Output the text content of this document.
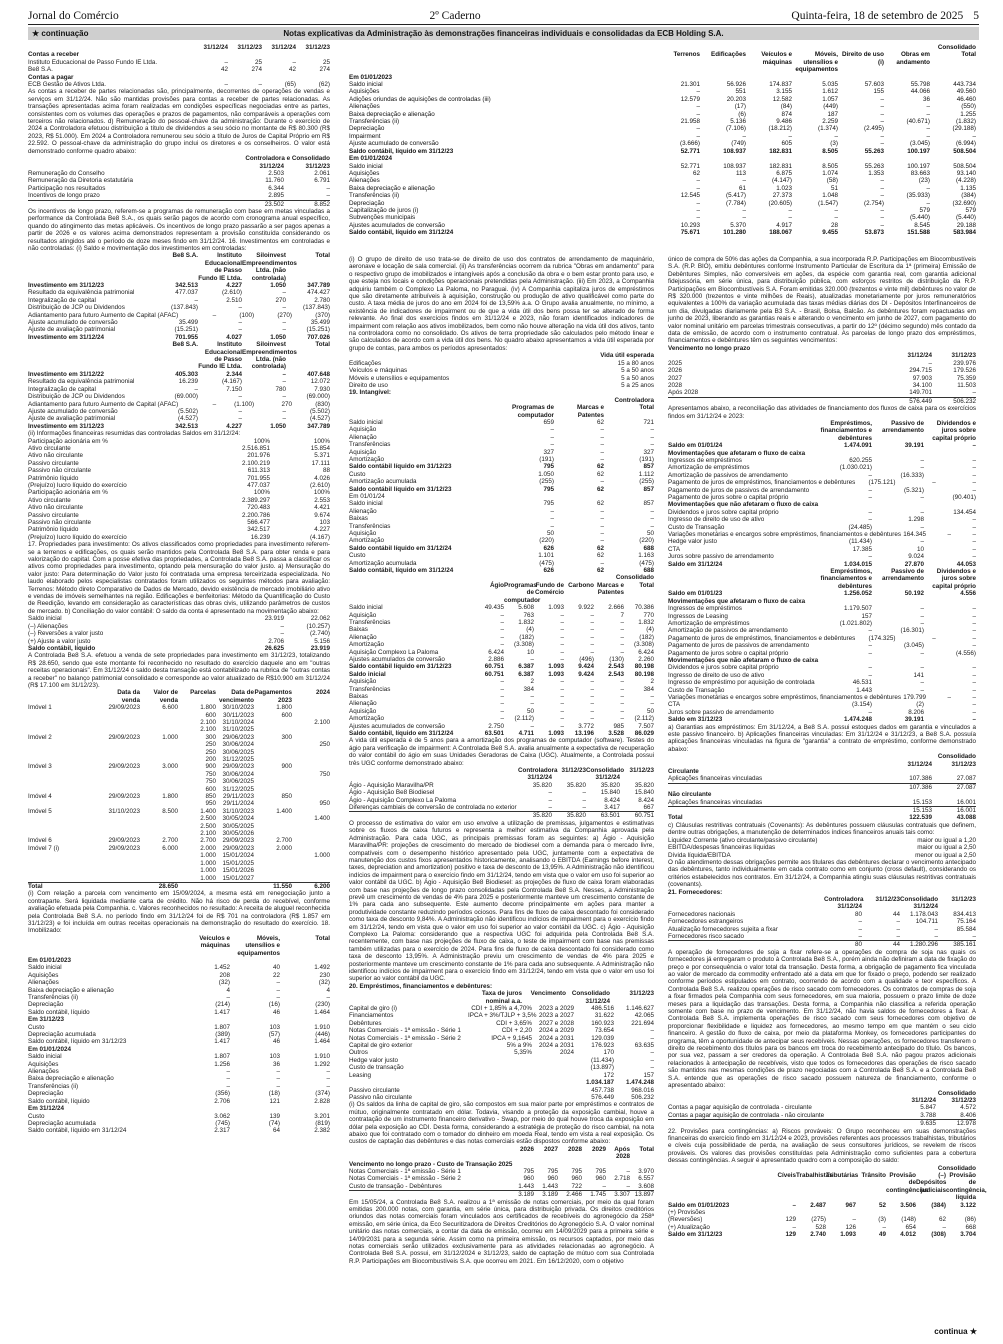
Jornal do Comércio	2º Caderno	Quinta-feira, 18 de setembro de 2025 5
★ continuação	Notas explicativas da Administração às demonstrações financeiras individuais e consolidadas da ECB Holding S.A.
31/12/24	31/12/23	31/12/24	31/12/23
Contas a receber
Instituto Educacional de Passo Fundo IE Ltda.	–	25	–	25
Be8 S.A.	42	274	42	274
Contas a pagar
ECB Gestão de Ativos Ltda.	–	–	(65)	(62)

As contas a receber de partes relacionadas são, principalmente, decorrentes de operações de vendas e serviços em 31/12/24. Não são mantidas provisões para contas a receber de partes relacionadas. As transações apresentadas acima foram realizadas em condições específicas negociadas entre as partes, consistentes com os volumes das operações e prazos de pagamentos, não comparáveis a operações com terceiros não relacionados. d) Remuneração do pessoal-chave da administração: Durante o exercício de 2024 a Controladora efetuou distribuição a título de dividendos a seu sócio no montante de R$ 80.300 (R$ 2023, R$ 51.000). Em 2024 a Controladora remunerou seu sócio a título de Juros de Capital Próprio em R$ 22.592. O pessoal-chave da administração do grupo inclui os diretores e os conselheiros. O valor está demonstrado conforme quadro abaixo:

Controladora e Consolidado
31/12/24	31/12/23
Remuneração do Conselho	2.503	2.061
Remuneração da Diretoria estatutária	11.760	6.791
Participação nos resultados	6.344	–
Incentivos de longo prazo	2.895	–
23.502	8.852

Os incentivos de longo prazo, referem-se a programas de remuneração com base em metas vinculadas a performance da Controlada Be8 S.A., os quais serão pagos de acordo com cronograma anual específico, quando do atingimento das metas aplicáveis. Os incentivos de longo prazo passarão a ser pagos apenas a partir de 2026 e os valores acima demonstrados representam a provisão constituída considerando os resultados atingidos até o período de doze meses findo em 31/12/24. 16. Investimentos em controladas e não controladas: (i) Saldo e movimentação dos investimentos em controladas:

Be8 S.A.	Instituto Educacional de Passo Fundo IE Ltda.
Siloinvest Empreendimentos Ltda. (não controlada)
Total
Investimento em 31/12/23	342.513	4.227	1.050	347.789
Resultado da equivalência patrimonial	477.037	(2.610)	–	474.427
Integralização de capital	–	2.510	270	2.780
Distribuição de JCP ou Dividendos	(137.843)	–	–	(137.843)
Adiantamento para futuro Aumento de Capital (AFAC)	–	(100)	(270)	(370)
Ajuste acumulado de conversão	35.499	–	–	35.499
Ajuste de avaliação patrimonial	(15.251)	–	–	(15.251)
Investimento em 31/12/24	701.955	4.027	1.050	707.026
Be8 S.A.	Instituto Educacional de Passo Fundo IE Ltda.
Siloinvest Empreendimentos Ltda. (não controlada)
Total
Investimento em 31/12/22	405.303	2.344	–	407.648
Resultado da equivalência patrimonial	16.239	(4.167)	–	12.072
Integralização de capital	–	7.150	780	7.930
Distribuição de JCP ou Dividendos	(69.000)	–	–	(69.000)
Adiantamento para futuro Aumento de Capital (AFAC)	–	(1.100)	270	(830)
Ajuste acumulado de conversão	(5.502)	–	–	(5.502)
Ajuste de avaliação patrimonial	(4.527)	–	–	(4.527)
Investimento em 31/12/23	342.513	4.227	1.050	347.789

(ii) Informações financeiras resumidas das controladas Saldos em 31/12/24:

Participação acionária em %	100%	100%
Ativo circulante	2.516.851	15.854
Ativo não circulante	201.976	5.371
Passivo circulante	2.100.219	17.111
Passivo não circulante	611.313	88
Patrimônio líquido	701.955	4.026
(Prejuízo) lucro líquido do exercício	477.037	(2.610)
Participação acionária em %	100%	100%
Ativo circulante	2.389.297	2.553
Ativo não circulante	720.483	4.421
Passivo circulante	2.200.786	9.674
Passivo não circulante	566.477	103
Patrimônio líquido	342.517	4.227
(Prejuízo) lucro líquido do exercício	16.239	(4.167)

17. Propriedades para investimento: Os ativos classificados como propriedades para investimento referem-se a terrenos e edificações, os quais serão mantidos pela Controlada Be8 S.A. para obter renda e para valorização do capital. Com a posse efetiva das propriedades, a Controlada Be8 S.A. passa a classificar os ativos como propriedades para investimento, optando pela mensuração do valor justo. a) Mensuração do valor justo: Para determinação do Valor justo foi contratada uma empresa terceirizada especializada. No laudo elaborado pelos especialistas contratados foram utilizados os seguintes métodos para avaliação: Terrenos: Método direto Comparativo de Dados de Mercado, devido existência de mercado imobiliário ativo e vendas de imóveis semelhantes na região. Edificações e benfeitorias: Método da Quantificação do Custo de Reedição, levando em consideração as características das obras civis, utilizando parâmetros de custos de mercado. b) Conciliação do valor contábil: O saldo da conta é apresentado na movimentação abaixo:

Saldo inicial	23.919	22.062
(–) Alienações	–	(10.257)
(–) Reversões a valor justo	–	(2.740)
(+) Ajuste a valor justo	2.706	5.156
Saldo contábil, líquido	26.625	23.919

A Controlada Be8 S.A. efetuou a venda de sete propriedades para investimento em 31/12/23, totalizando R$ 28.650, sendo que este montante foi reconhecido no resultado do exercício daquele ano em "outras receitas operacionais". Em 31/12/24 o saldo desta transação está contabilizado na rubrica de "outras contas a receber" no balanço patrimonial consolidado e corresponde ao valor atualizado de R$10.900 em 31/12/24 (R$ 17.100 em 31/12/23).

Data da venda
Valor de venda
Parcelas	Data de vencimento
Pagamentos 2023
2024
Imóvel 1	29/09/2023	6.600	1.800	30/10/2023	1.800
600	30/11/2023	600
2.100	31/10/2024	2.100
2.100	31/10/2025
Imóvel 2	29/09/2023	1.000	300	29/06/2023	300
250	30/06/2024	250
250	30/06/2025
200	31/12/2025
Imóvel 3	29/09/2023	3.000	900	29/09/2023	900
750	30/06/2024	750
750	30/06/2025
600	31/12/2025
Imóvel 4	29/09/2023	1.800	850	29/11/2023	850
950	29/11/2024	950
Imóvel 5	31/10/2023	8.500	1.400	31/10/2023	1.400
2.500	30/05/2024	1.400
2.500	30/05/2025
2.100	30/05/2026
Imóvel 6	29/09/2023	2.700	2.700	29/09/2023	2.700
Imóvel 7 (i)	29/09/2023	6.000	2.000	29/09/2023	2.000
1.000	15/01/2024	1.000
1.000	15/01/2025
1.000	15/01/2026
1.000	15/01/2027
Total	28.650	11.550	6.200

(i) Com relação a parcela com vencimento em 15/09/2024, a mesma está em renegociação junto a contraparte. Será liquidada mediante carta de crédito. Não há risco de perda do recebível, conforme avaliação efetuada pela Companhia. c. Valores reconhecidos no resultado: A receita de aluguel reconhecida pela Controlada Be8 S.A. no período findo em 31/12/24 foi de R$ 701 na controladora (R$ 1.857 em 31/12/23) e foi incluída em outras receitas operacionais na demonstração do resultado do exercício. 18. Imobilizado:

Veículos e máquinas
Móveis, utensílios e equipamentos
Total
Em 01/01/2023
Saldo inicial	1.452	40	1.492
Aquisições	208	22	230
Alienações	(32)	–	(32)
Baixa depreciação e alienação	4	–	4
Transferências (ii)	–	–	–
Depreciação	(214)	(16)	(230)
Saldo contábil, líquido	1.417	46	1.464
Em 31/12/23
Custo	1.807	103	1.910
Depreciação acumulada	(389)	(57)	(446)
Saldo contábil, líquido em 31/12/23	1.417	46	1.464
Em 01/01/2024
Saldo inicial	1.807	103	1.910
Aquisições	1.256	36	1.292
Alienações	–	–	–
Baixa depreciação e alienação	–	–	–
Transferências (ii)	–	–	–
Depreciação	(356)	(18)	(374)
Saldo contábil, líquido	2.706	121	2.828
Em 31/12/24
Custo	3.062	139	3.201
Depreciação acumulada	(745)	(74)	(819)
Saldo contábil, líquido em 31/12/24	2.317	64	2.382
Consolidado
Terrenos	Edificações	Veículos e máquinas
Móveis, utensílios e equipamentos
Direito de uso (i)
Obras em andamento
Total
Em 01/01/2023
Saldo inicial	21.301	56.926	174.837	5.035	57.603	55.798	443.734
Aquisições	–	551	3.155	1.612	155	44.066	49.560
Adições oriundas de aquisições de controladas (iii)	12.579	20.203	12.582	1.057	–	36	46.460
Alienações	–	(17)	(84)	(449)	–	–	(550)
Baixa depreciação e alienação	–	(6)	874	187	–	–	1.255
Transferências (ii)	21.958	5.136	9.486	2.259	–	(40.671)	(1.832)
Depreciação	–	(7.106)	(18.212)	(1.374)	(2.495)	–	(29.188)
Impairment	–	–	–	–	–	–	–
Ajuste acumulado de conversão	(3.666)	(749)	605	(3)	–	(3.045)	(6.994)
Saldo contábil, líquido em 31/12/23	52.771	108.937	182.831	8.505	55.263	100.197	508.504
Em 01/01/2024
Saldo inicial	52.771	108.937	182.831	8.505	55.263	100.197	508.504
Aquisições	62	113	6.875	1.074	1.353	83.663	93.140
Alienações	–	–	(4.147)	(58)	–	(23)	(4.228)
Baixa depreciação e alienação	–	61	1.023	51	–	–	1.135
Transferências (ii)	12.545	(5.417)	27.373	1.048	–	(35.933)	(384)
Depreciação	–	(7.784)	(20.605)	(1.547)	(2.754)	–	(32.690)
Capitalização de juros (i)	–	–	–	–	–	579	579
Subvenções municipais	–	–	–	–	–	(5.440)	(5.440)
Ajustes acumulados de conversão	10.293	5.370	4.917	28	–	8.545	29.188
Saldo contábil, líquido em 31/12/24	75.671	101.280	188.067	9.455	53.873	151.588	583.984

(i) O grupo de direito de uso trata-se de direito de uso dos contratos de arrendamento de maquinário, aeronave e locação de sala comercial. (ii) As transferências ocorrem da rubrica "Obras em andamento" para o respectivo grupo de imobilizados e intangíveis após a conclusão da obra e o bem estar pronto para uso, e que esteja nos locais e condições operacionais pretendidas pela Administração. (iii) Em 2023, a Companhia adquiriu também o Complexo La Paloma, no Paraguai. (iv) A Companhia capitaliza juros de empréstimos que são diretamente atribuíveis à aquisição, construção ou produção de ativo qualificável como parte do custo. A taxa média de juros do ano em 2024 foi de 13,59% a.a. O Grupo avalia anualmente, no mínimo, a existência de indicadores de impairment ou de que a vida útil dos bens possa ter se alterado de forma relevante. Ao final dos exercícios findos em 31/12/24 e 2023, não foram identificados indicadores de impairment com relação aos ativos imobilizados, bem como não houve alteração na vida útil dos ativos, tanto na controladora como no consolidado. Os ativos de terra propriedade são calculados pelo método linear e são calculados de acordo com a vida útil dos bens. No quadro abaixo apresentamos a vida útil esperada por grupo de contas, para ambos os períodos apresentados:

Vida útil esperada
Edificações	15 a 80 anos
Veículos e máquinas	5 a 50 anos
Móveis e utensílios e equipamentos	5 a 50 anos
Direito de uso	5 a 25 anos
19. Intangível:
Controladora
Programas de computador
Marcas e Patentes
Total
Saldo inicial	659	62	721
Aquisição	–	–	–
Alienação	–	–	–
Transferências	–	–	–
Aquisição	327	–	327
Amortização	(191)	–	(191)
Saldo contábil líquido em 31/12/23	795	62	857
Custo	1.050	62	1.112
Amortização acumulada	(255)	–	(255)
Saldo contábil líquido em 31/12/23	795	62	857
Em 01/01/24
Saldo inicial	795	62	857
Alienação	–	–	–
Baixas	–	–	–
Transferências	–	–	–
Aquisição	50	–	50
Amortização	(220)	–	(220)
Saldo contábil líquido em 31/12/24	626	62	688
Custo	1.101	62	1.163
Amortização acumulada	(475)	–	(475)
Saldo contábil, líquido em 31/12/24	626	62	688
Consolidado
Ágio Programas de computador
Fundo de Comércio
Carbono Marcas e Patentes
Total
Saldo inicial	49.435	5.608	1.093	9.922	2.666	70.386
Aquisição	–	763	–	–	7	770
Transferências	–	1.832	–	–	–	1.832
Baixas	–	(4)	–	–	–	(4)
Alienação	–	(182)	–	–	–	(182)
Amortização	–	(3.308)	–	–	–	(3.308)
Aquisição Complexo La Paloma	6.424	10	–	–	–	6.424
Ajustes acumulados de conversão	2.886	–	–	(496)	(130)	2.260
Saldo contábil líquido em 31/12/23	60.751	6.387	1.093	9.424	2.543	80.198
Saldo inicial	60.751	6.387	1.093	9.424	2.543	80.198
Aquisição	–	2	–	–	–	2
Transferências	–	384	–	–	–	384
Baixas	–	–	–	–	–	–
Alienação	–	–	–	–	–	–
Aquisição	–	50	–	–	–	50
Amortização	–	(2.112)	–	–	–	(2.112)
Ajustes acumulados de conversão	2.750	–	–	3.772	985	7.507
Saldo contábil, líquido em 31/12/24	63.501	4.711	1.093	13.196	3.528	86.029

A vida útil esperada é de 5 anos para a amortização dos programas de computador (software). Testes do ágio para verificação de impairment: A Controlada Be8 S.A. avalia anualmente a expectativa de recuperação do valor contábil do ágio em suas Unidades Geradoras de Caixa (UGC). Atualmente, a Controlada possui três UGC conforme demonstrado abaixo:

Controladora 31/12/24
31/12/23 Consolidado 31/12/24
31/12/23
Ágio - Aquisição Maravilha/PR	35.820	35.820	35.820	35.820
Ágio - Aquisição Be8 Biodiesel	–	–	15.840	15.840
Ágio - Aquisição Complexo La Paloma	–	–	8.424	8.424
Diferenças cambiais de conversão de controlada no exterior	–	–	3.417	667
35.820	35.820	63.501	60.751

O processo de estimativa do valor em uso envolve a utilização de premissas, julgamentos e estimativas sobre os fluxos de caixa futuros e representa a melhor estimativa da Companhia aprovada pela Administração. Para cada UGC, as principais premissas foram as seguintes: a) Ágio - Aquisição Maravilha/PR: projeções de crescimento do mercado de biodiesel com a demanda para o mercado livre, compatíveis com o desempenho histórico apresentado pela UGC, juntamente com a expectativa de manutenção dos custos fixos apresentados historicamente, analisando o EBITDA (Earnings before interest, taxes, depreciation and amortization) positivo e taxa de desconto de 13,95%. A Administração não identificou indícios de impairment para o exercício findo em 31/12/24, tendo em vista que o valor em uso foi superior ao valor contábil da UGC. b) Ágio - Aquisição Be8 Biodiesel: as projeções de fluxo de caixa foram elaboradas com base nas projeções de longo prazo consolidadas pela Controlada Be8 S.A. Nesses, a Administração prevê um crescimento de vendas de 4% para 2025 e posteriormente manteve um crescimento constante de 1% para cada ano subsequente. Este aumento decorre principalmente em ações para manter a produtividade constante reduzindo períodos ociosos. Para fins de fluxo de caixa descontado foi considerado como taxa de desconto 9,84%. A Administração não identificou indícios de impairment para o exercício findo em 31/12/24, tendo em vista que o valor em uso foi superior ao valor contábil da UGC. c) Ágio - Aquisição Complexo La Paloma: considerando que a respectiva UGC foi adquirida pela Controlada Be8 S.A. recentemente, com base nas projeções de fluxo de caixa, o teste de impairment com base nas premissas também utilizadas para o exercício de 2024. Para fins de fluxo de caixa descontado foi considerado como taxa de desconto 13,95%. A Administração previu um crescimento de vendas de 4% para 2025 e posteriormente manteve um crescimento constante de 1% para cada ano subsequente. A Administração não identificou indícios de impairment para o exercício findo em 31/12/24, tendo em vista que o valor em uso foi superior ao valor contábil da UGC.

20. Empréstimos, financiamentos e debêntures:
Taxa de juros nominal a.a.
Vencimento Consolidado 31/12/24
31/12/23
Capital de giro (i)	CDI + 1,85% a 4,70%	2023 a 2029	486.516	1.146.627
Financiamentos	IPCA + 3%/TJLP + 3,5% 2023 a 2027	31.622	42.065
Debêntures	CDI + 3,65%	2027 e 2028	160.923	221.694
Notas Comerciais - 1ª emissão - Série 1	CDI + 2,20	2024 a 2029	73.654	–
Notas Comerciais - 1ª emissão - Série 2	IPCA + 9,1645	2024 a 2031	129.039	–
Capital de giro exterior	5% a 9%	2024 a 2031	176.923	63.635
Outros	5,35%	2024	170	–
Hedge valor justo	(11.434)	–
Custo de transação	(13.897)	–
Leasing	172	157
1.034.187	1.474.248
Passivo circulante	457.738	968.016
Passivo não circulante	576.449	506.232

(i) Os saldos da linha de capital de giro, são compostos em sua maior parte por empréstimos e contratos de mútuo, originalmente contratado em dólar. Todavia, visando a proteção da exposição cambial, houve a contratação de um instrumento financeiro derivativo - Swap, por meio do qual houve troca da exposição em dólar pela exposição ao CDI. Desta forma, considerando a estratégia de proteção do risco cambial, na nota abaixo que foi contratado com o tomador do dinheiro em moeda Real, tendo em vista a real exposição. Os custos de captação das debêntures e das notas comerciais estão dispostos conforme abaixo:

2026	2027	2028	2029	Após 2028
Total
Vencimento no longo prazo - Custo de Transação 2025
Notas Comerciais - 1ª emissão - Série 1	795	795	795	795	–	3.970
Notas Comerciais - 1ª emissão - Série 2	960	960	960	960	2.718	6.557
Custo de transação - Debêntures	1.443	1.443	722	–	–	3.608
3.189	3.189	2.466	1.745	3.307 13.897

Em 15/05/24, a Controlada Be8 S.A. realizou a 1ª emissão de notas comerciais, por meio da qual foram emitidas 200.000 notas, com garantia, em série única, para distribuição privada. Os direitos creditórios oriundos das notas comerciais foram vinculados aos certificados de recebíveis do agronegócio da 258ª emissão, em série única, da Eco Securitizadora de Direitos Creditórios do Agronegócio S.A. O valor nominal unitário das notas comerciais, a contar da data de emissão, ocorreu em 14/09/2029 para a primeira série e 14/09/2031 para a segunda série. Assim como na primeira emissão, os recursos captados, por meio das notas comerciais serão utilizados exclusivamente para as atividades relacionadas ao agronegócio. A Controlada Be8 S.A. possui, em 31/12/2024 e 31/12/23, saldo de captação de mútuo com sua Controlada R.P. Participações em Biocombustíveis S.A. que ocorreu em 2021. Em 16/12/2020, com o objetivo

único de compra de 50% das ações da Companhia, a sua incorporada R.P. Participações em Biocombustíveis S.A. (R.P. BIO), emitiu debêntures conforme Instrumento Particular de Escritura da 1ª (primeira) Emissão de Debêntures Simples, não conversíveis em ações, da espécie com garantia real, com garantia adicional fidejussória, em série única, para distribuição pública, com esforços restritos de distribuição da R.P. Participações em Biocombustíveis S.A. Foram emitidas 320.000 (trezentos e vinte mil) debêntures no valor de R$ 320.000 (trezentos e vinte milhões de Reais), atualizadas monetariamente por juros remuneratórios equivalentes a 100% da variação acumulada das taxas médias diárias dos DI - Depósitos Interfinanceiros de um dia, divulgadas diariamente pela B3 S.A. - Brasil, Bolsa, Balcão. As debêntures foram repactuadas em junho de 2023, liberando as garantias reais e alterando o vencimento em junho de 2027, com pagamento do valor nominal unitário em parcelas trimestrais consecutivas, a partir do 12º (décimo segundo) mês contado da data de emissão, de acordo com o instrumento contratual. As parcelas de longo prazo dos empréstimos, financiamentos e debêntures têm os seguintes vencimentos:

Vencimento no longo prazo
31/12/24	31/12/23
2025	–	239.976
2026	294.715	179.526
2027	97.903	75.359
2028	34.100	11.503
Após 2028	149.701	–
576.449	506.232

Apresentamos abaixo, a reconciliação das atividades de financiamento dos fluxos de caixa para os exercícios findos em 31/12/24 e 2023:

Empréstimos, financiamentos e debêntures
Passivo de arrendamento
Dividendos e juros sobre capital próprio
Saldo em 01/01/24	1.474.091	39.191	–
Movimentações que afetaram o fluxo de caixa
Ingressos de empréstimos	620.255	–	–
Amortização de empréstimos	(1.030.021)	–	–
Amortização de passivos de arrendamento	–	(16.333)	–
Pagamento de juros de empréstimos, financiamentos e debêntures	(175.121)	–	–
Pagamento de juros de passivos de arrendamento	–	(5.321)	–
Pagamento de juros sobre o capital próprio	–	–	(90.401)
Movimentações que não afetaram o fluxo de caixa
Dividendos e juros sobre capital próprio	–	–	134.454
Ingresso de direito de uso de ativo	–	1.298	–
Custo de Transação	(24.485)	–	–
Variações monetárias e encargos sobre empréstimos, financiamentos e debêntures 164.345	–	–
Hedge valor justo	(11.434)	–	–
CTA	17.385	10	–
Juros sobre passivo de arrendamento	–	9.024	–
Saldo em 31/12/24	1.034.015	27.870	44.053
Empréstimos, financiamentos e debêntures
Passivo de arrendamento
Dividendos e juros sobre capital próprio
Saldo em 01/01/23	1.256.052	50.192	4.556
Movimentações que afetaram o fluxo de caixa
Ingressos de empréstimos	1.179.507	–	–
Ingressos de Leasing	157	–	–
Amortização de empréstimos	(1.021.802)	–	–
Amortização de passivos de arrendamento	–	(16.301)	–
Pagamento de juros de empréstimos, financiamentos e debêntures	(174.325)	–	–
Pagamento de juros de passivos de arrendamento	–	(3.045)	–
Pagamento de juros sobre o capital próprio	–	–	(4.556)
Movimentações que não afetaram o fluxo de caixa
Dividendos e juros sobre capital próprio	–	–	–
Ingresso de direito de uso de ativo	–	141	–
Ingresso de empréstimo por aquisição de controlada	46.531	–	–
Custo de Transação	1.443	–	–
Variações monetárias e encargos sobre empréstimos, financiamentos e debêntures 179.799	–	–
CTA	(3.154)	(2)	–
Juros sobre passivo de arrendamento	–	8.206	–
Saldo em 31/12/23	1.474.248	39.191	–

a) Garantias aos empréstimos: Em 31/12/24, a Be8 S.A. possui estoques dados em garantia e vinculados a este passivo financeiro. b) Aplicações financeiras vinculadas: Em 31/12/24 e 31/12/23, a Be8 S.A. possuía aplicações financeiras vinculadas na figura de "garantia" a contrato de empréstimo, conforme demonstrado abaixo:

Consolidado
31/12/24	31/12/23
Circulante
Aplicações financeiras vinculadas	107.386	27.087
107.386	27.087
Não circulante
Aplicações financeiras vinculadas	15.153	16.001
15.153	16.001
Total	122.539	43.088

c) Cláusulas restritivas contratuais (Covenants): As debêntures possuem cláusulas contratuais que definem, dentre outras obrigações, a manutenção de determinados índices financeiros anuais tais como:

Liquidez Corrente (ativo circulante/passivo circulante)	maior ou igual a 1,20
EBITDA/despesas financeiras líquidas	maior ou igual a 2,50
Dívida líquida/EBITDA	menor ou igual a 2,50

O não atendimento dessas obrigações permite aos titulares das debêntures declarar o vencimento antecipado das debêntures, tanto individualmente em cada contrato como em conjunto (cross default), considerando os critérios estabelecidos nos contratos. Em 31/12/24, a Companhia atingiu suas cláusulas restritivas contratuais (covenants).

21. Fornecedores:
Controladora 31/12/24
31/12/23 Consolidado 31/12/24
31/12/23
Fornecedores nacionais	80	44	1.178.043	834.413
Fornecedores estrangeiros	–	–	104.711	75.164
Atualização fornecedores sujeita a fixar	–	–	–	85.584
Fornecedores risco sacado	–	–	–	–
80	44	1.280.296	385.161

A operação de fornecedores de soja a fixar refere-se a operações de compra de soja nas quais os fornecedores já entregaram o produto à Controlada Be8 S.A., porém ainda não definiram a data de fixação do preço e por consequência o valor total da transação. Desta forma, a obrigação de pagamento fica vinculada ao valor de mercado da commodity enfrentado até a data em que for fixado o preço, podendo ser realizado conforme períodos estipulados em contrato, ocorrendo de acordo com a qualidade e teor específicos. A Controlada Be8 S.A. realizou operações de risco sacado com fornecedores. Os contratos de compras de soja a fixar firmados pela Companhia com seus fornecedores, em sua maioria, possuem o prazo limite de doze meses para a liquidação das transações. Desta forma, a Companhia não classifica a referida operação somente com base no prazo de vencimento. Em 31/12/24, não havia saldos de fornecedores a fixar. A Controlada Be8 S.A. implementa operações de risco sacado com seus fornecedores com objetivo de proporcionar flexibilidade e liquidez aos fornecedores, ao mesmo tempo em que mantém o seu ciclo financeiro. A gestão do fluxo de caixa, por meio da plataforma Monkey, os fornecedores participantes do programa, têm a oportunidade de antecipar seus recebíveis. Nessas operações, os fornecedores transferem o direito de recebimento dos títulos para os bancos em troca do recebimento antecipado do título. Os bancos, por sua vez, passam a ser credores da operação. A Controlada Be8 S.A. não pagou prazos adicionais relacionados à antecipação de recebíveis, visto que todos os fornecedores das operações de risco sacado são mantidos nas mesmas condições de prazo negociadas com a Controlada Be8 S.A. e a Controlada Be8 S.A. entende que as operações de risco sacado possuem natureza de financiamento, conforme o apresentado abaixo:

Consolidado
31/12/24	31/12/23
Contas a pagar aquisição de controlada - circulante	5.847	4.572
Contas a pagar aquisição de controlada - não circulante	3.788	8.406
9.635	12.978

22. Provisões para contingências: a) Riscos prováveis: O Grupo reconheceu em suas demonstrações financeiras do exercício findo em 31/12/24 e 2023, provisões referentes aos processos trabalhistas, tributários e cíveis cuja possibilidade de perda, na avaliação de seus consultores jurídicos, se revelem de riscos prováveis. Os valores das provisões constituídas pela Administração como suficientes para a cobertura dessas contingências. A seguir é apresentado quadro com a composição do saldo:

Consolidado
Cíveis Trabalhistas
Tributárias Trânsito Provisão de contingências
(–) Depósitos judiciais
Provisão de contingência, líquida
Saldo em 01/01/2023	–	2.487	967	52	3.506	(384)	3.122
(+) Provisões
(Reversões)	129	(275)	–	(3)	(148)	62	(86)
(+) Atualização	–	528	126	–	654	–	668
Saldo em 31/12/23	129	2.740	1.093	49	4.012	(308)	3.704
continua ★
